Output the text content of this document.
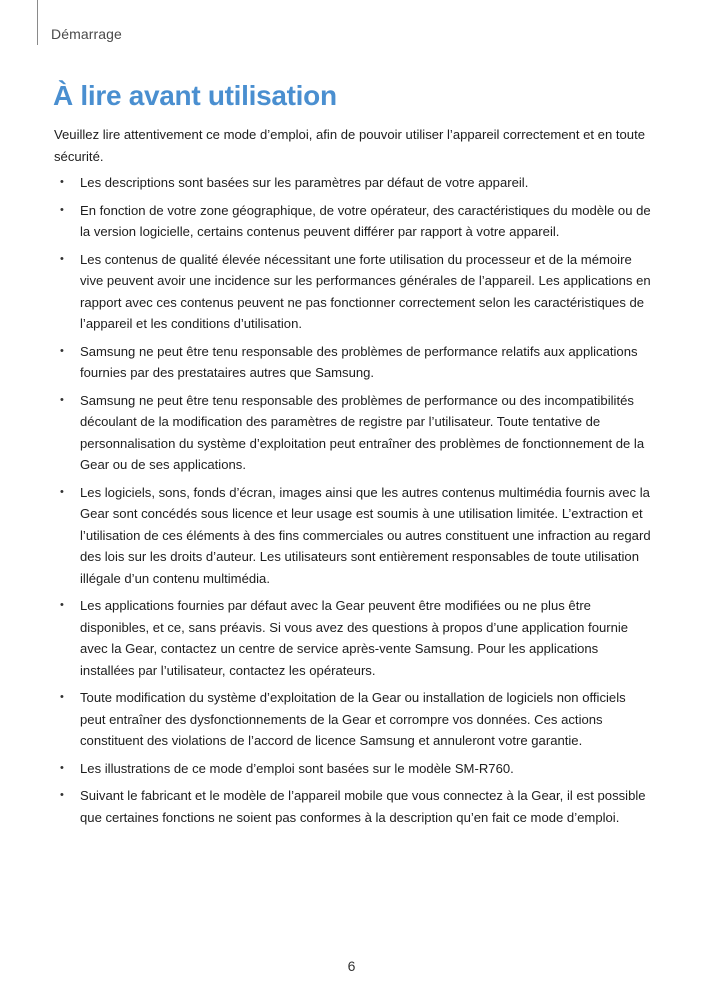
Démarrage
À lire avant utilisation

Veuillez lire attentivement ce mode d’emploi, afin de pouvoir utiliser l’appareil correctement et en toute sécurité.

• Les descriptions sont basées sur les paramètres par défaut de votre appareil.
• En fonction de votre zone géographique, de votre opérateur, des caractéristiques du modèle ou de la version logicielle, certains contenus peuvent différer par rapport à votre appareil.
• Les contenus de qualité élevée nécessitant une forte utilisation du processeur et de la mémoire vive peuvent avoir une incidence sur les performances générales de l’appareil. Les applications en rapport avec ces contenus peuvent ne pas fonctionner correctement selon les caractéristiques de l’appareil et les conditions d’utilisation.
• Samsung ne peut être tenu responsable des problèmes de performance relatifs aux applications fournies par des prestataires autres que Samsung.
• Samsung ne peut être tenu responsable des problèmes de performance ou des incompatibilités découlant de la modification des paramètres de registre par l’utilisateur. Toute tentative de personnalisation du système d’exploitation peut entraîner des problèmes de fonctionnement de la Gear ou de ses applications.
• Les logiciels, sons, fonds d’écran, images ainsi que les autres contenus multimédia fournis avec la Gear sont concédés sous licence et leur usage est soumis à une utilisation limitée. L’extraction et l’utilisation de ces éléments à des fins commerciales ou autres constituent une infraction au regard des lois sur les droits d’auteur. Les utilisateurs sont entièrement responsables de toute utilisation illégale d’un contenu multimédia.
• Les applications fournies par défaut avec la Gear peuvent être modifiées ou ne plus être disponibles, et ce, sans préavis. Si vous avez des questions à propos d’une application fournie avec la Gear, contactez un centre de service après-vente Samsung. Pour les applications installées par l’utilisateur, contactez les opérateurs.
• Toute modification du système d’exploitation de la Gear ou installation de logiciels non officiels peut entraîner des dysfonctionnements de la Gear et corrompre vos données. Ces actions constituent des violations de l’accord de licence Samsung et annuleront votre garantie.
• Les illustrations de ce mode d’emploi sont basées sur le modèle SM-R760.
• Suivant le fabricant et le modèle de l’appareil mobile que vous connectez à la Gear, il est possible que certaines fonctions ne soient pas conformes à la description qu’en fait ce mode d’emploi.
6
